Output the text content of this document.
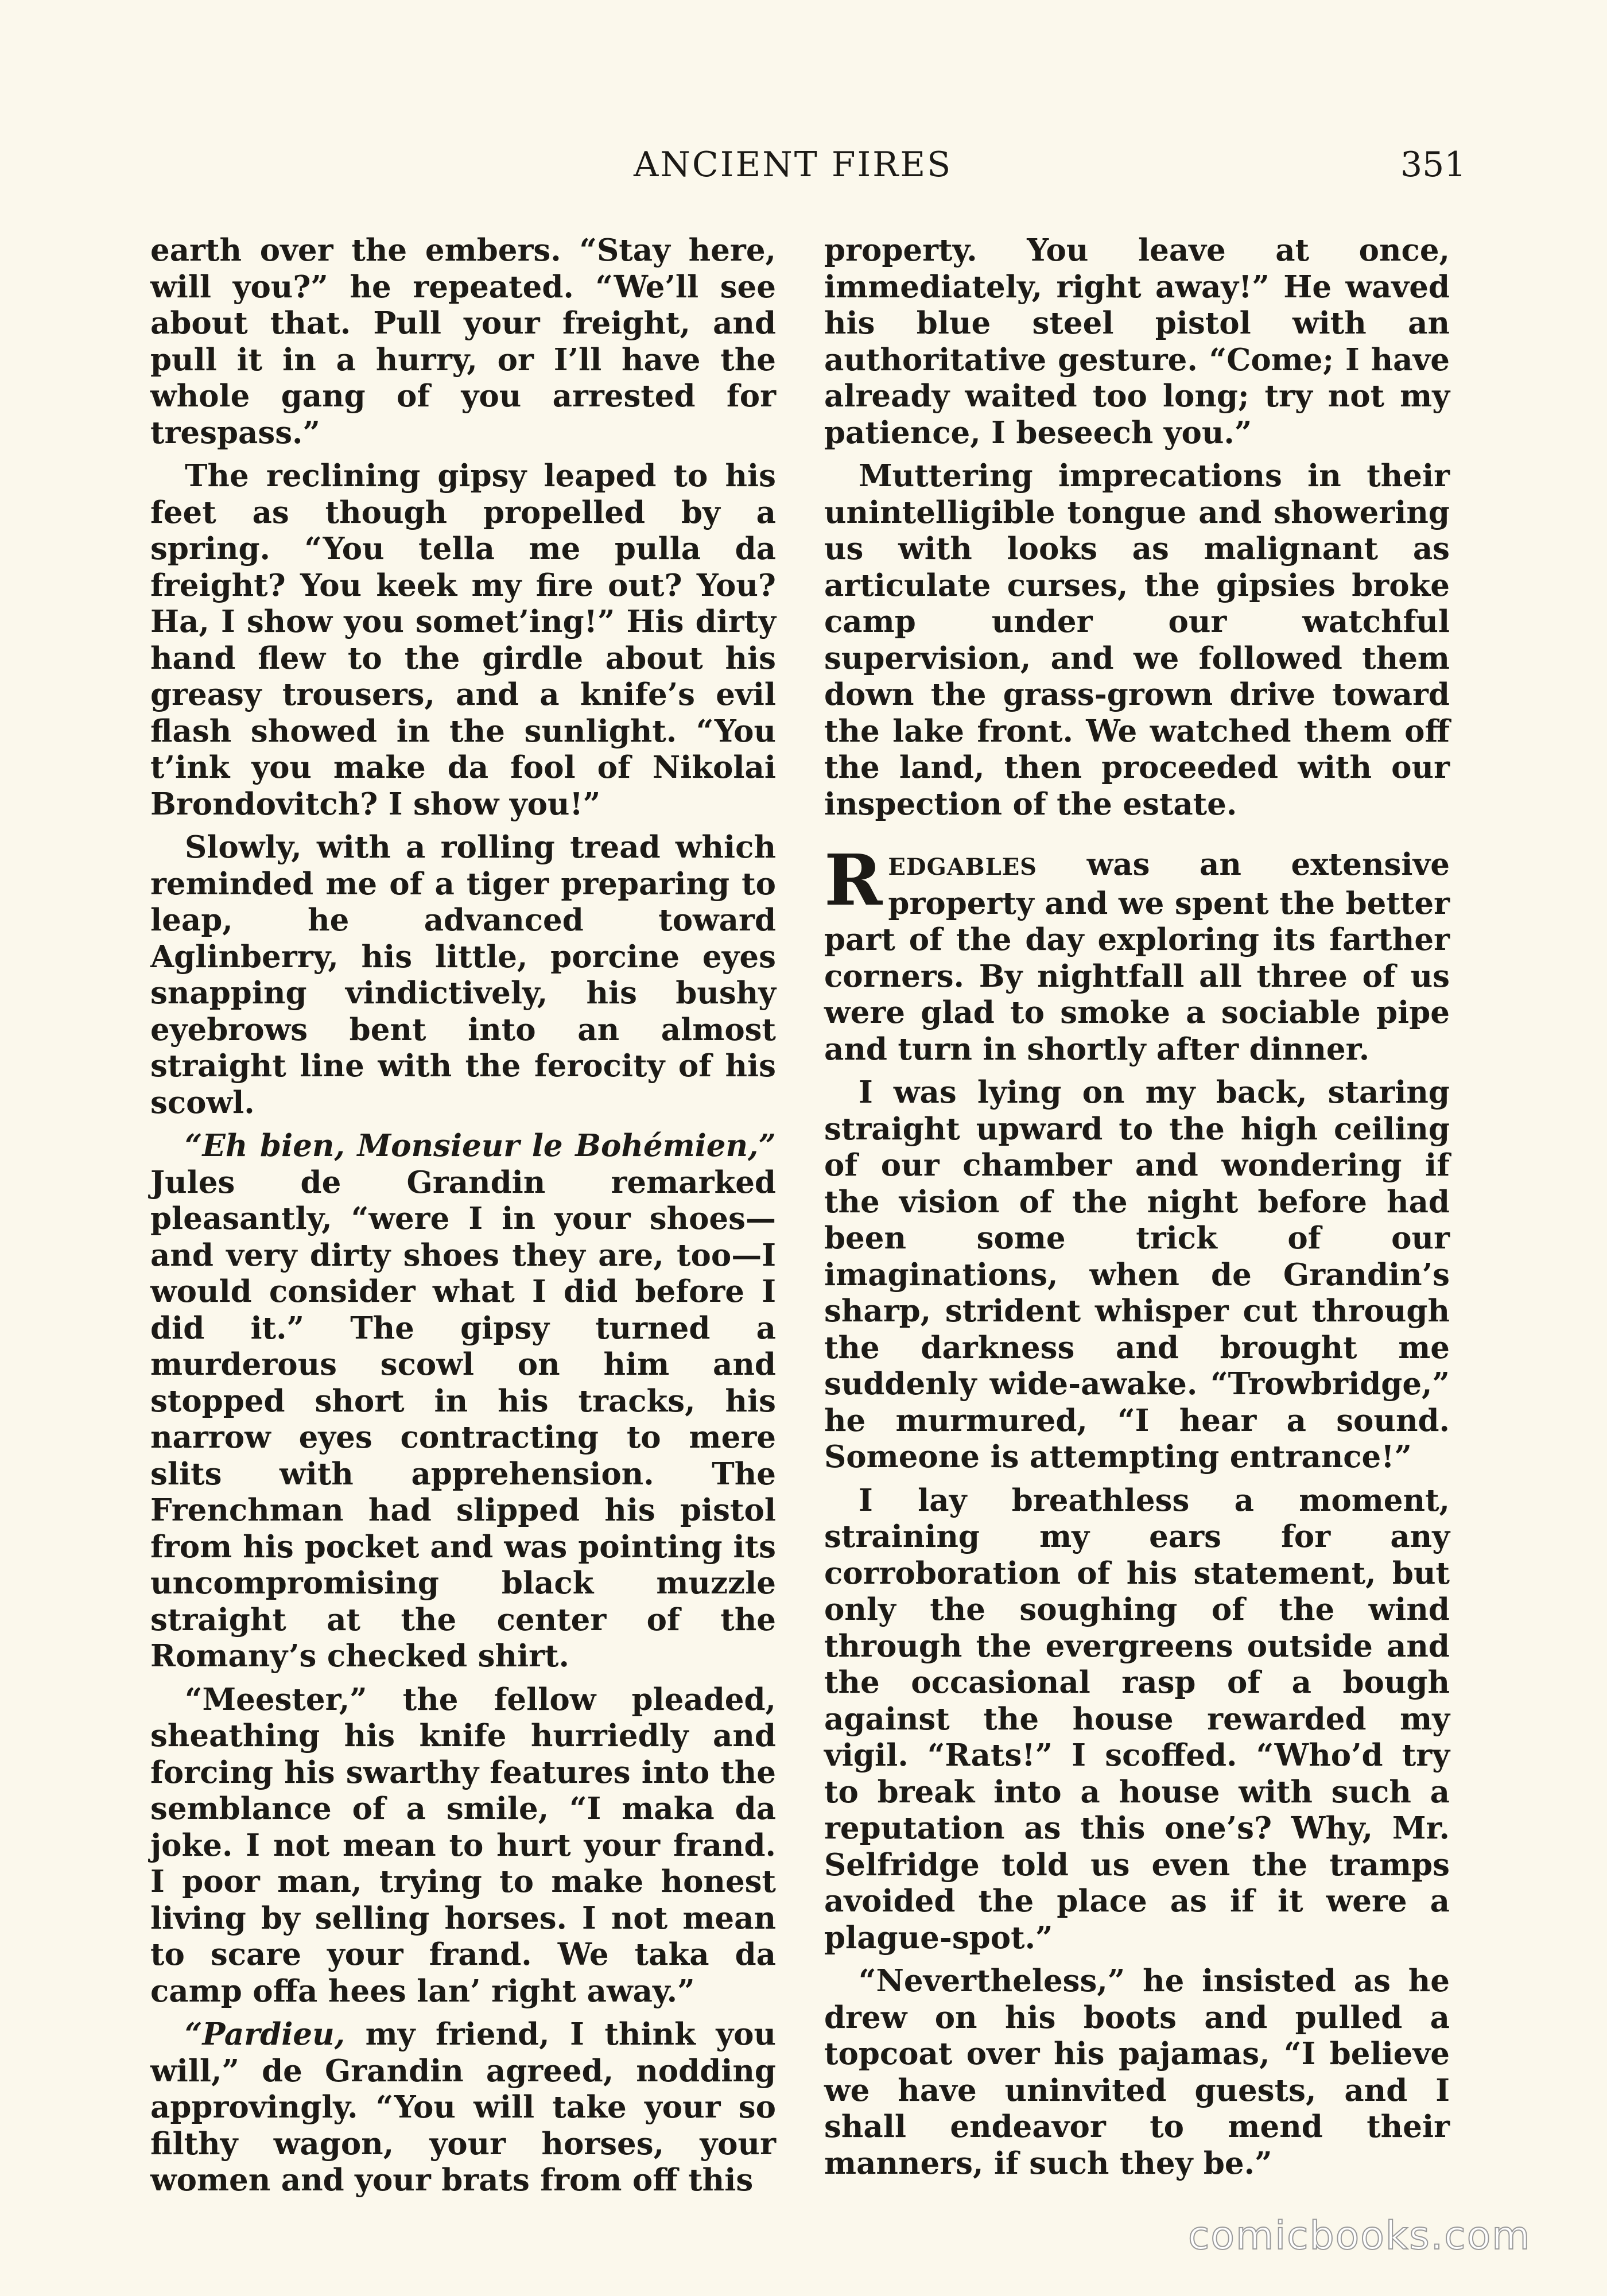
ANCIENT FIRES	351

earth over the embers. “Stay here, will you?” he repeated. “We’ll see about that. Pull your freight, and pull it in a hurry, or I’ll have the whole gang of you arrested for trespass.”

The reclining gipsy leaped to his feet as though propelled by a spring. “You tella me pulla da freight? You keek my fire out? You? Ha, I show you somet’ing!” His dirty hand flew to the girdle about his greasy trousers, and a knife’s evil flash showed in the sunlight. “You t’ink you make da fool of Nikolai Brondovitch? I show you!”

Slowly, with a rolling tread which reminded me of a tiger preparing to leap, he advanced toward Aglinberry, his little, porcine eyes snapping vindictively, his bushy eyebrows bent into an almost straight line with the ferocity of his scowl.

“Eh bien, Monsieur le Bohémien,” Jules de Grandin remarked pleasantly, “were I in your shoes—and very dirty shoes they are, too—I would consider what I did before I did it.” The gipsy turned a murderous scowl on him and stopped short in his tracks, his narrow eyes contracting to mere slits with apprehension. The Frenchman had slipped his pistol from his pocket and was pointing its uncompromising black muzzle straight at the center of the Romany’s checked shirt.

“Meester,” the fellow pleaded, sheathing his knife hurriedly and forcing his swarthy features into the semblance of a smile, “I maka da joke. I not mean to hurt your frand. I poor man, trying to make honest living by selling horses. I not mean to scare your frand. We taka da camp offa hees lan’ right away.”

“Pardieu, my friend, I think you will,” de Grandin agreed, nodding approvingly. “You will take your so filthy wagon, your horses, your women and your brats from off this

property. You leave at once, immediately, right away!” He waved his blue steel pistol with an authoritative gesture. “Come; I have already waited too long; try not my patience, I beseech you.”

Muttering imprecations in their unintelligible tongue and showering us with looks as malignant as articulate curses, the gipsies broke camp under our watchful supervision, and we followed them down the grass-grown drive toward the lake front. We watched them off the land, then proceeded with our inspection of the estate.

REDGABLES was an extensive property and we spent the better part of the day exploring its farther corners. By nightfall all three of us were glad to smoke a sociable pipe and turn in shortly after dinner.

I was lying on my back, staring straight upward to the high ceiling of our chamber and wondering if the vision of the night before had been some trick of our imaginations, when de Grandin’s sharp, strident whisper cut through the darkness and brought me suddenly wide-awake. “Trowbridge,” he murmured, “I hear a sound. Someone is attempting entrance!”

I lay breathless a moment, straining my ears for any corroboration of his statement, but only the soughing of the wind through the evergreens outside and the occasional rasp of a bough against the house rewarded my vigil. “Rats!” I scoffed. “Who’d try to break into a house with such a reputation as this one’s? Why, Mr. Selfridge told us even the tramps avoided the place as if it were a plague-spot.”

“Nevertheless,” he insisted as he drew on his boots and pulled a topcoat over his pajamas, “I believe we have uninvited guests, and I shall endeavor to mend their manners, if such they be.”

comicbooks.com
